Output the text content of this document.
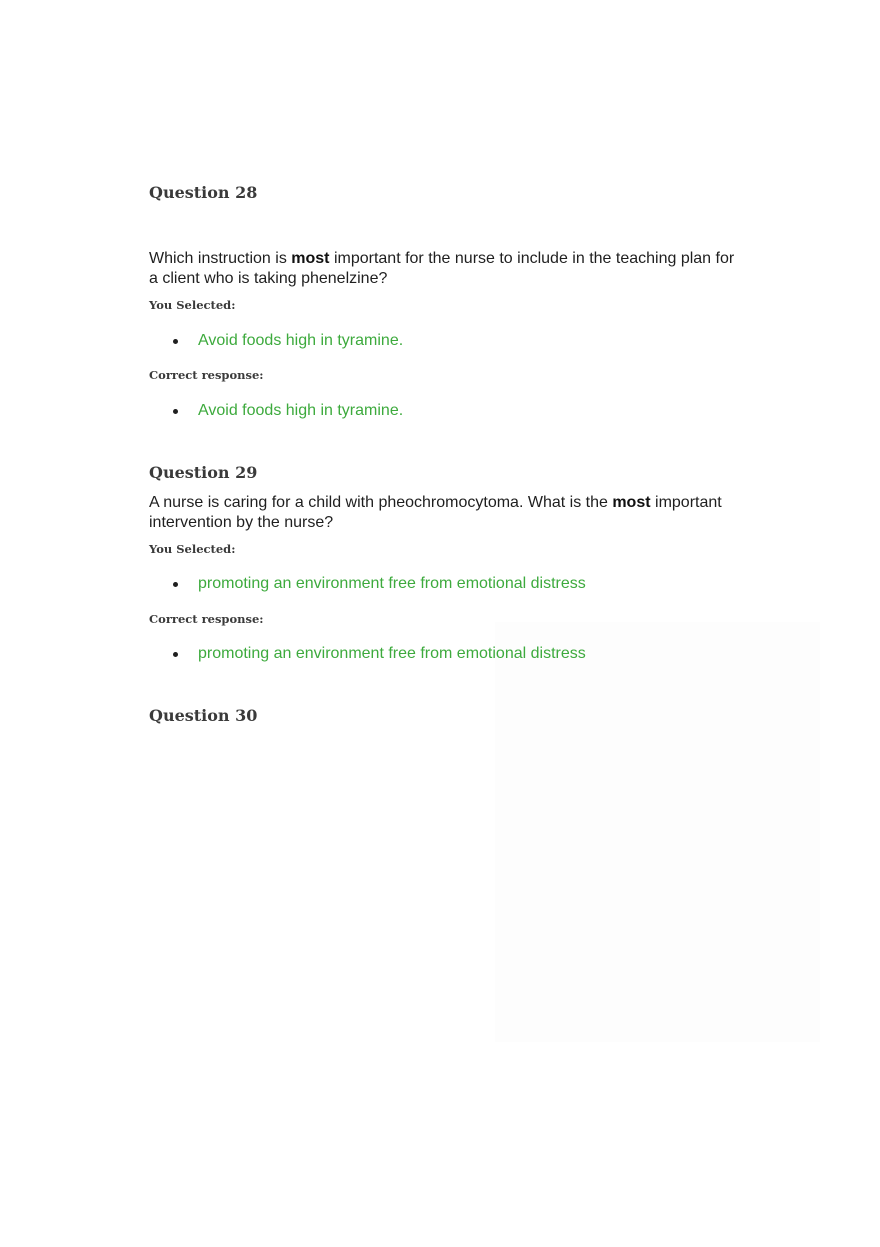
Question 28

Which instruction is most important for the nurse to include in the teaching plan for a client who is taking phenelzine?

You Selected:
Avoid foods high in tyramine.
Correct response:
Avoid foods high in tyramine.
Question 29

A nurse is caring for a child with pheochromocytoma. What is the most important intervention by the nurse?

You Selected:
promoting an environment free from emotional distress
Correct response:
promoting an environment free from emotional distress
Question 30
